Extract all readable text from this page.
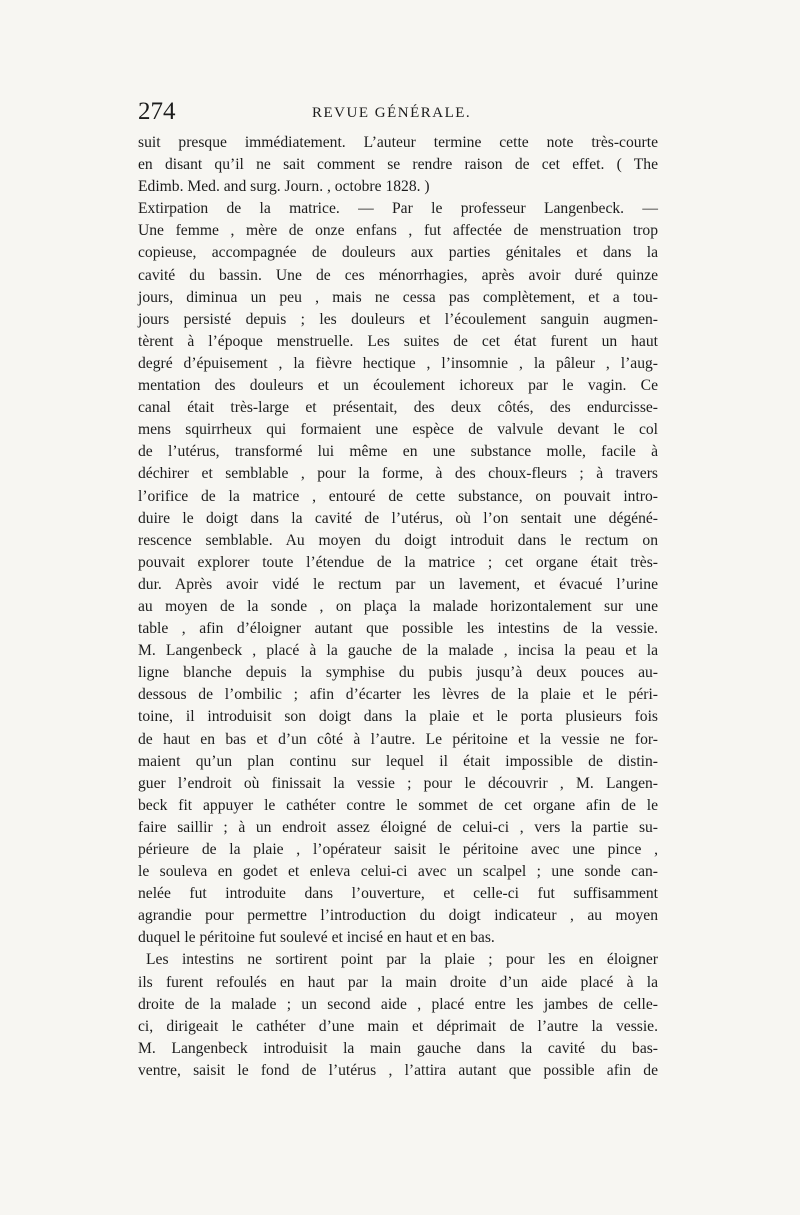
274	REVUE GÉNÉRALE.
suit presque immédiatement. L’auteur termine cette note très-courte
en disant qu’il ne sait comment se rendre raison de cet effet. ( The
Edimb. Med. and surg. Journ. , octobre 1828. )
Extirpation de la matrice. — Par le professeur Langenbeck. —
Une femme , mère de onze enfans , fut affectée de menstruation trop
copieuse, accompagnée de douleurs aux parties génitales et dans la
cavité du bassin. Une de ces ménorrhagies, après avoir duré quinze
jours, diminua un peu , mais ne cessa pas complètement, et a tou-
jours persisté depuis ; les douleurs et l’écoulement sanguin augmen-
tèrent à l’époque menstruelle. Les suites de cet état furent un haut
degré d’épuisement , la fièvre hectique , l’insomnie , la pâleur , l’aug-
mentation des douleurs et un écoulement ichoreux par le vagin. Ce
canal était très-large et présentait, des deux côtés, des endurcisse-
mens squirrheux qui formaient une espèce de valvule devant le col
de l’utérus, transformé lui même en une substance molle, facile à
déchirer et semblable , pour la forme, à des choux-fleurs ; à travers
l’orifice de la matrice , entouré de cette substance, on pouvait intro-
duire le doigt dans la cavité de l’utérus, où l’on sentait une dégéné-
rescence semblable. Au moyen du doigt introduit dans le rectum on
pouvait explorer toute l’étendue de la matrice ; cet organe était très-
dur. Après avoir vidé le rectum par un lavement, et évacué l’urine
au moyen de la sonde , on plaça la malade horizontalement sur une
table , afin d’éloigner autant que possible les intestins de la vessie.
M. Langenbeck , placé à la gauche de la malade , incisa la peau et la
ligne blanche depuis la symphise du pubis jusqu’à deux pouces au-
dessous de l’ombilic ; afin d’écarter les lèvres de la plaie et le péri-
toine, il introduisit son doigt dans la plaie et le porta plusieurs fois
de haut en bas et d’un côté à l’autre. Le péritoine et la vessie ne for-
maient qu’un plan continu sur lequel il était impossible de distin-
guer l’endroit où finissait la vessie ; pour le découvrir , M. Langen-
beck fit appuyer le cathéter contre le sommet de cet organe afin de le
faire saillir ; à un endroit assez éloigné de celui-ci , vers la partie su-
périeure de la plaie , l’opérateur saisit le péritoine avec une pince ,
le souleva en godet et enleva celui-ci avec un scalpel ; une sonde can-
nelée fut introduite dans l’ouverture, et celle-ci fut suffisamment
agrandie pour permettre l’introduction du doigt indicateur , au moyen
duquel le péritoine fut soulevé et incisé en haut et en bas.
Les intestins ne sortirent point par la plaie ; pour les en éloigner
ils furent refoulés en haut par la main droite d’un aide placé à la
droite de la malade ; un second aide , placé entre les jambes de celle-
ci, dirigeait le cathéter d’une main et déprimait de l’autre la vessie.
M. Langenbeck introduisit la main gauche dans la cavité du bas-
ventre, saisit le fond de l’utérus , l’attira autant que possible afin de
